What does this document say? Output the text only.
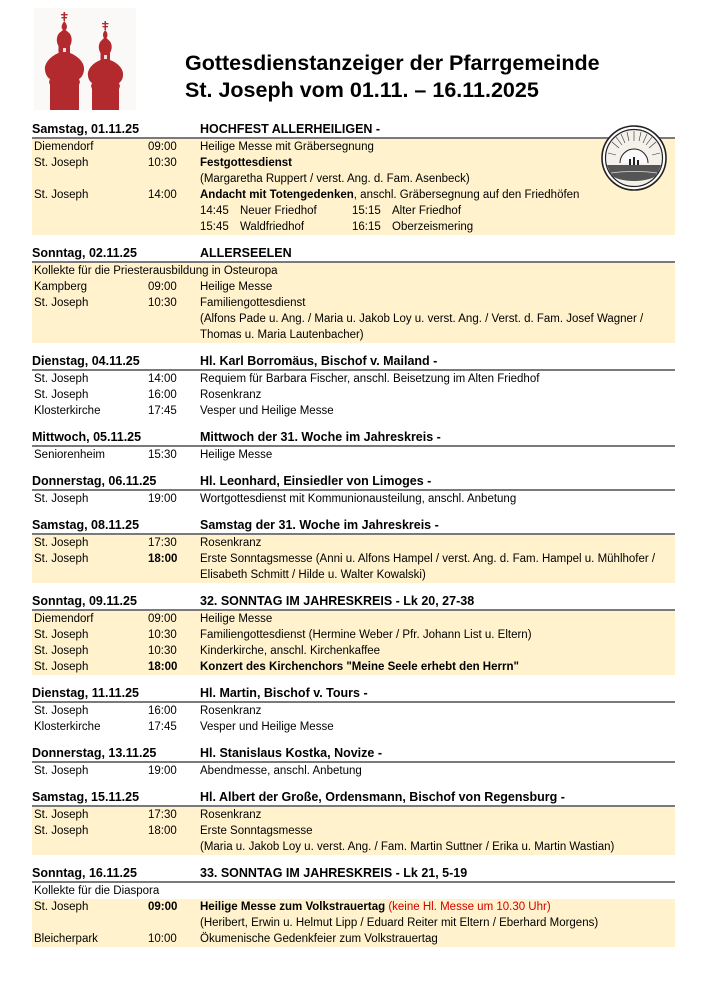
Gottesdienstanzeiger der Pfarrgemeinde
St. Joseph vom 01.11. – 16.11.2025
Samstag, 01.11.25	HOCHFEST ALLERHEILIGEN -
Diemendorf	09:00	Heilige Messe mit Gräbersegnung
St. Joseph	10:30	Festgottesdienst
(Margaretha Ruppert / verst. Ang. d. Fam. Asenbeck)
St. Joseph	14:00	Andacht mit Totengedenken, anschl. Gräbersegnung auf den Friedhöfen
14:45 Neuer Friedhof	15:15 Alter Friedhof
15:45 Waldfriedhof	16:15 Oberzeismering
Sonntag, 02.11.25	ALLERSEELEN
Kollekte für die Priesterausbildung in Osteuropa
Kampberg	09:00	Heilige Messe
St. Joseph	10:30	Familiengottesdienst
(Alfons Pade u. Ang. / Maria u. Jakob Loy u. verst. Ang. / Verst. d. Fam. Josef Wagner / Thomas u. Maria Lautenbacher)
Dienstag, 04.11.25	Hl. Karl Borromäus, Bischof v. Mailand -
St. Joseph	14:00	Requiem für Barbara Fischer, anschl. Beisetzung im Alten Friedhof
St. Joseph	16:00	Rosenkranz
Klosterkirche	17:45	Vesper und Heilige Messe
Mittwoch, 05.11.25	Mittwoch der 31. Woche im Jahreskreis -
Seniorenheim	15:30	Heilige Messe
Donnerstag, 06.11.25	Hl. Leonhard, Einsiedler von Limoges -
St. Joseph	19:00	Wortgottesdienst mit Kommunionausteilung, anschl. Anbetung
Samstag, 08.11.25	Samstag der 31. Woche im Jahreskreis -
St. Joseph	17:30	Rosenkranz
St. Joseph	18:00	Erste Sonntagsmesse (Anni u. Alfons Hampel / verst. Ang. d. Fam. Hampel u. Mühlhofer / Elisabeth Schmitt / Hilde u. Walter Kowalski)
Sonntag, 09.11.25	32. SONNTAG IM JAHRESKREIS - Lk 20, 27-38
Diemendorf	09:00	Heilige Messe
St. Joseph	10:30	Familiengottesdienst (Hermine Weber / Pfr. Johann List u. Eltern)
St. Joseph	10:30	Kinderkirche, anschl. Kirchenkaffee
St. Joseph	18:00	Konzert des Kirchenchors "Meine Seele erhebt den Herrn"
Dienstag, 11.11.25	Hl. Martin, Bischof v. Tours -
St. Joseph	16:00	Rosenkranz
Klosterkirche	17:45	Vesper und Heilige Messe
Donnerstag, 13.11.25	Hl. Stanislaus Kostka, Novize -
St. Joseph	19:00	Abendmesse, anschl. Anbetung
Samstag, 15.11.25	Hl. Albert der Große, Ordensmann, Bischof von Regensburg -
St. Joseph	17:30	Rosenkranz
St. Joseph	18:00	Erste Sonntagsmesse
(Maria u. Jakob Loy u. verst. Ang. / Fam. Martin Suttner / Erika u. Martin Wastian)
Sonntag, 16.11.25	33. SONNTAG IM JAHRESKREIS - Lk 21, 5-19
Kollekte für die Diaspora
St. Joseph	09:00	Heilige Messe zum Volkstrauertag (keine Hl. Messe um 10.30 Uhr)
(Heribert, Erwin u. Helmut Lipp / Eduard Reiter mit Eltern / Eberhard Morgens)
Bleicherpark	10:00	Ökumenische Gedenkfeier zum Volkstrauertag
